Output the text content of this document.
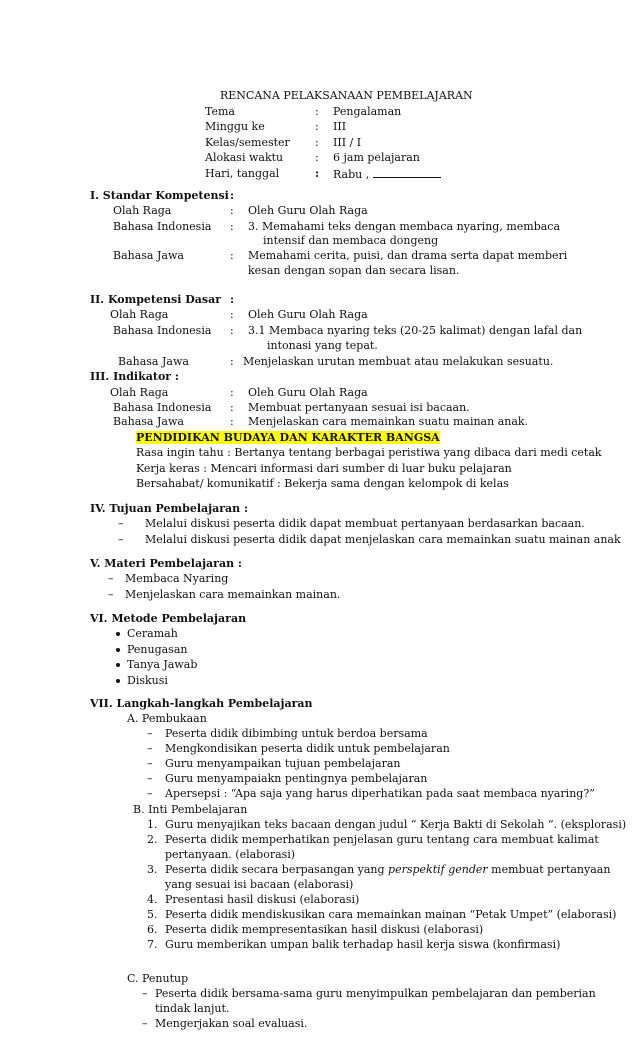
RENCANA PELAKSANAAN PEMBELAJARAN
Tema	: Pengalaman
Minggu ke	: III
Kelas/semester : III / I
Alokasi waktu	: 6 jam pelajaran
Hari, tanggal	: Rabu ,
I. Standar Kompetensi :
Olah Raga	: Oleh Guru Olah Raga
Bahasa Indonesia : 3. Memahami teks dengan membaca nyaring, membaca
intensif dan membaca dongeng
Bahasa Jawa	: Memahami cerita, puisi, dan drama serta dapat memberi
kesan dengan sopan dan secara lisan.
II. Kompetensi Dasar :
Olah Raga	: Oleh Guru Olah Raga
Bahasa Indonesia : 3.1 Membaca nyaring teks (20-25 kalimat) dengan lafal dan
intonasi yang tepat.
Bahasa Jawa	: Menjelaskan urutan membuat atau melakukan sesuatu.
III. Indikator :
Olah Raga	: Oleh Guru Olah Raga
Bahasa Indonesia : Membuat pertanyaan sesuai isi bacaan.
Bahasa Jawa	: Menjelaskan cara memainkan suatu mainan anak.
PENDIDIKAN BUDAYA DAN KARAKTER BANGSA
Rasa ingin tahu : Bertanya tentang berbagai peristiwa yang dibaca dari medi cetak
Kerja keras : Mencari informasi dari sumber di luar buku pelajaran
Bersahabat/ komunikatif : Bekerja sama dengan kelompok di kelas
IV. Tujuan Pembelajaran :
– Melalui diskusi peserta didik dapat membuat pertanyaan berdasarkan bacaan.
– Melalui diskusi peserta didik dapat menjelaskan cara memainkan suatu mainan anak
V. Materi Pembelajaran :
– Membaca Nyaring
– Menjelaskan cara memainkan mainan.
VI. Metode Pembelajaran
Ceramah
Penugasan
Tanya Jawab
Diskusi
VII. Langkah-langkah Pembelajaran
A. Pembukaan
– Peserta didik dibimbing untuk berdoa bersama
– Mengkondisikan peserta didik untuk pembelajaran
– Guru menyampaikan tujuan pembelajaran
– Guru menyampaiakn pentingnya pembelajaran
– Apersepsi : “Apa saja yang harus diperhatikan pada saat membaca nyaring?”
B. Inti Pembelajaran
1. Guru menyajikan teks bacaan dengan judul “ Kerja Bakti di Sekolah “. (eksplorasi)
2. Peserta didik memperhatikan penjelasan guru tentang cara membuat kalimat
pertanyaan. (elaborasi)
3. Peserta didik secara berpasangan yang perspektif gender membuat pertanyaan
yang sesuai isi bacaan (elaborasi)
4. Presentasi hasil diskusi (elaborasi)
5. Peserta didik mendiskusikan cara memainkan mainan “Petak Umpet” (elaborasi)
6. Peserta didik mempresentasikan hasil diskusi (elaborasi)
7. Guru memberikan umpan balik terhadap hasil kerja siswa (konfirmasi)
C. Penutup
– Peserta didik bersama-sama guru menyimpulkan pembelajaran dan pemberian
tindak lanjut.
– Mengerjakan soal evaluasi.
